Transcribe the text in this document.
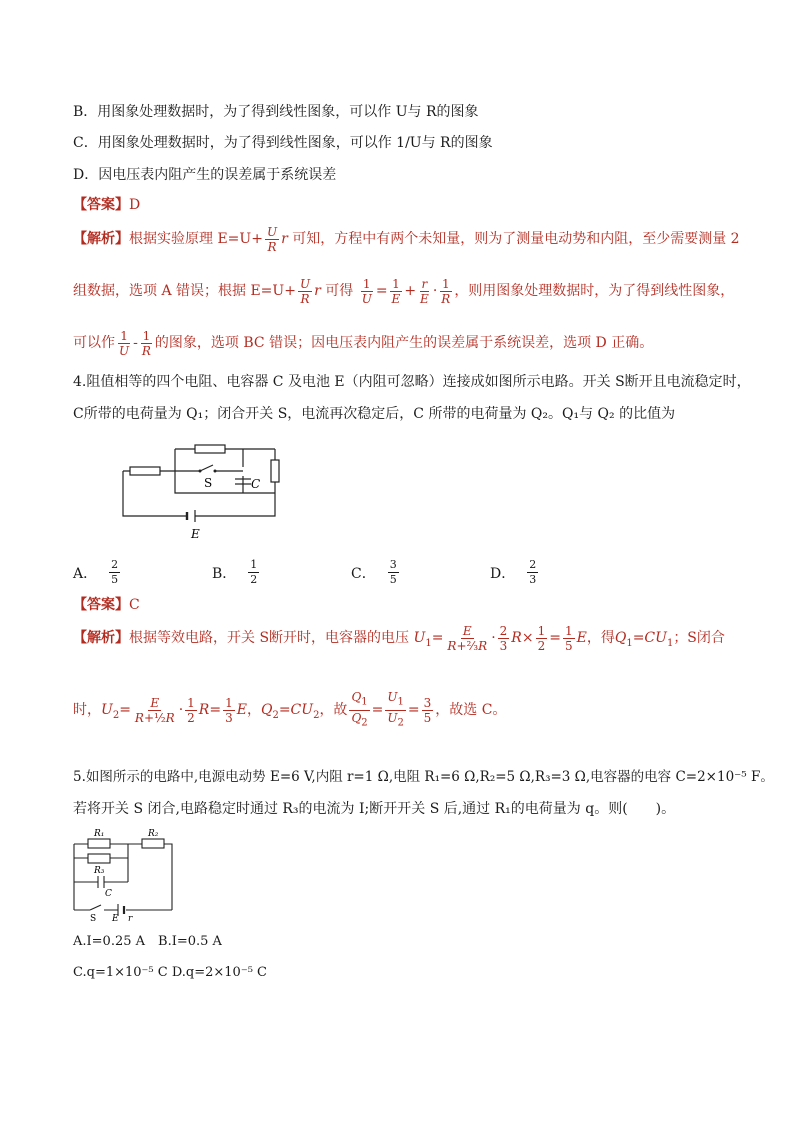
B．用图象处理数据时，为了得到线性图象，可以作 U与 R的图象
C．用图象处理数据时，为了得到线性图象，可以作 1/U与 R的图象
D．因电压表内阻产生的误差属于系统误差
【答案】D
【解析】根据实验原理 $E=U+ \frac{U}{R}$ r 可知，方程中有两个未知量，则为了测量电动势和内阻，至少需要测量 2
组数据，选项 A 错误；根据 $E=U+ \frac{U}{R}$ r 可得 $\frac{1}{U} = \frac{1}{E} + \frac{r}{E} \cdot \frac{1}{R}$ ，则用图象处理数据时，为了得到线性图象，
可以作 $\frac{1}{U} - \frac{1}{R}$ 的图象，选项 BC 错误；因电压表内阻产生的误差属于系统误差，选项 D 正确。
4.阻值相等的四个电阻、电容器 C 及电池 E（内阻可忽略）连接成如图所示电路。开关 S断开且电流稳定时，
C所带的电荷量为 Q₁；闭合开关 S，电流再次稳定后，C 所带的电荷量为 Q₂。Q₁与 Q₂ 的比值为
S	C
E
A． $\frac{2}{5}$	B． $\frac{1}{2}$	C． $\frac{3}{5}$	D． $\frac{2}{3}$
【答案】C
【解析】根据等效电路，开关 S断开时，电容器的电压 $U_1= \frac{E}{\text{R+⅔R}} \cdot \frac{2}{3} R\times \frac{1}{2} = \frac{1}{5}$ E，得$Q_1=CU_1$；S闭合
时，$U_2= \frac{E}{\text{R+½R}} \cdot \frac{1}{2} R= \frac{1}{3}$ E，$Q_2=CU_2$，故 $\frac{Q_1}{Q_2} = \frac{U_1}{U_2} = \frac{3}{5}$ ，故选 C。
5.如图所示的电路中,电源电动势 E=6 V,内阻 r=1 Ω,电阻 R₁=6 Ω,R₂=5 Ω,R₃=3 Ω,电容器的电容 C=2×10⁻⁵ F。
若将开关 S 闭合,电路稳定时通过 R₃的电流为 I;断开开关 S 后,通过 R₁的电荷量为 q。则(　　)。
R₁	R₂
R₃
C
S E r
A.I=0.25 A　B.I=0.5 A
C.q=1×10⁻⁵ C D.q=2×10⁻⁵ C
